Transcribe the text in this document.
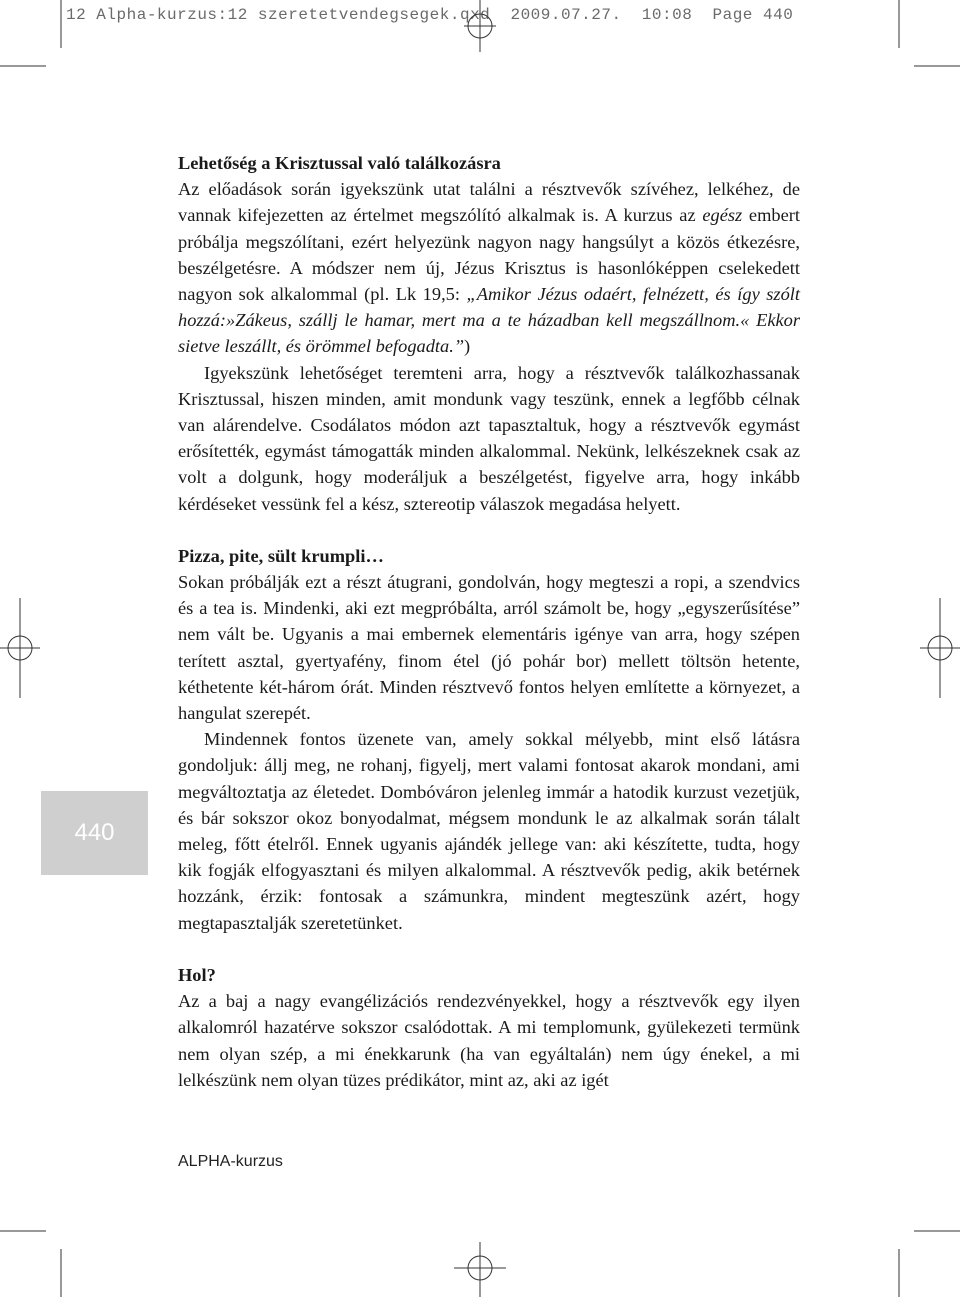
12 Alpha-kurzus:12 szeretetvendegsegek.qxd  2009.07.27.  10:08  Page 440

Lehetőség a Krisztussal való találkozásra

Az előadások során igyekszünk utat találni a résztvevők szívéhez, lelkéhez, de vannak kifejezetten az értelmet megszólító alkalmak is. A kurzus az egész embert próbálja megszólítani, ezért helyezünk nagyon nagy hangsúlyt a közös étkezésre, beszélgetésre. A módszer nem új, Jézus Krisztus is hasonlóképpen cselekedett nagyon sok alkalommal (pl. Lk 19,5: „Amikor Jézus odaért, felnézett, és így szólt hozzá:»Zákeus, szállj le hamar, mert ma a te házadban kell megszállnom.« Ekkor sietve leszállt, és örömmel befogadta.”)

Igyekszünk lehetőséget teremteni arra, hogy a résztvevők találkozhassanak Krisztussal, hiszen minden, amit mondunk vagy teszünk, ennek a legfőbb célnak van alárendelve. Csodálatos módon azt tapasztaltuk, hogy a résztvevők egymást erősítették, egymást támogatták minden alkalommal. Nekünk, lelkészeknek csak az volt a dolgunk, hogy moderáljuk a beszélgetést, figyelve arra, hogy inkább kérdéseket vessünk fel a kész, sztereotip válaszok megadása helyett.

Pizza, pite, sült krumpli…

Sokan próbálják ezt a részt átugrani, gondolván, hogy megteszi a ropi, a szendvics és a tea is. Mindenki, aki ezt megpróbálta, arról számolt be, hogy „egyszerűsítése” nem vált be. Ugyanis a mai embernek elementáris igénye van arra, hogy szépen terített asztal, gyertyafény, finom étel (jó pohár bor) mellett töltsön hetente, kéthetente két-három órát. Minden résztvevő fontos helyen említette a környezet, a hangulat szerepét.

Mindennek fontos üzenete van, amely sokkal mélyebb, mint első látásra gondoljuk: állj meg, ne rohanj, figyelj, mert valami fontosat akarok mondani, ami megváltoztatja az életedet. Dombóváron jelenleg immár a hatodik kurzust vezetjük, és bár sokszor okoz bonyodalmat, mégsem mondunk le az alkalmak során tálalt meleg, főtt ételről. Ennek ugyanis ajándék jellege van: aki készítette, tudta, hogy kik fogják elfogyasztani és milyen alkalommal. A résztvevők pedig, akik betérnek hozzánk, érzik: fontosak a számunkra, mindent megteszünk azért, hogy megtapasztalják szeretetünket.

Hol?

Az a baj a nagy evangélizációs rendezvényekkel, hogy a résztvevők egy ilyen alkalomról hazatérve sokszor csalódottak. A mi templomunk, gyülekezeti termünk nem olyan szép, a mi énekkarunk (ha van egyáltalán) nem úgy énekel, a mi lelkészünk nem olyan tüzes prédikátor, mint az, aki az igét

440
ALPHA-kurzus
